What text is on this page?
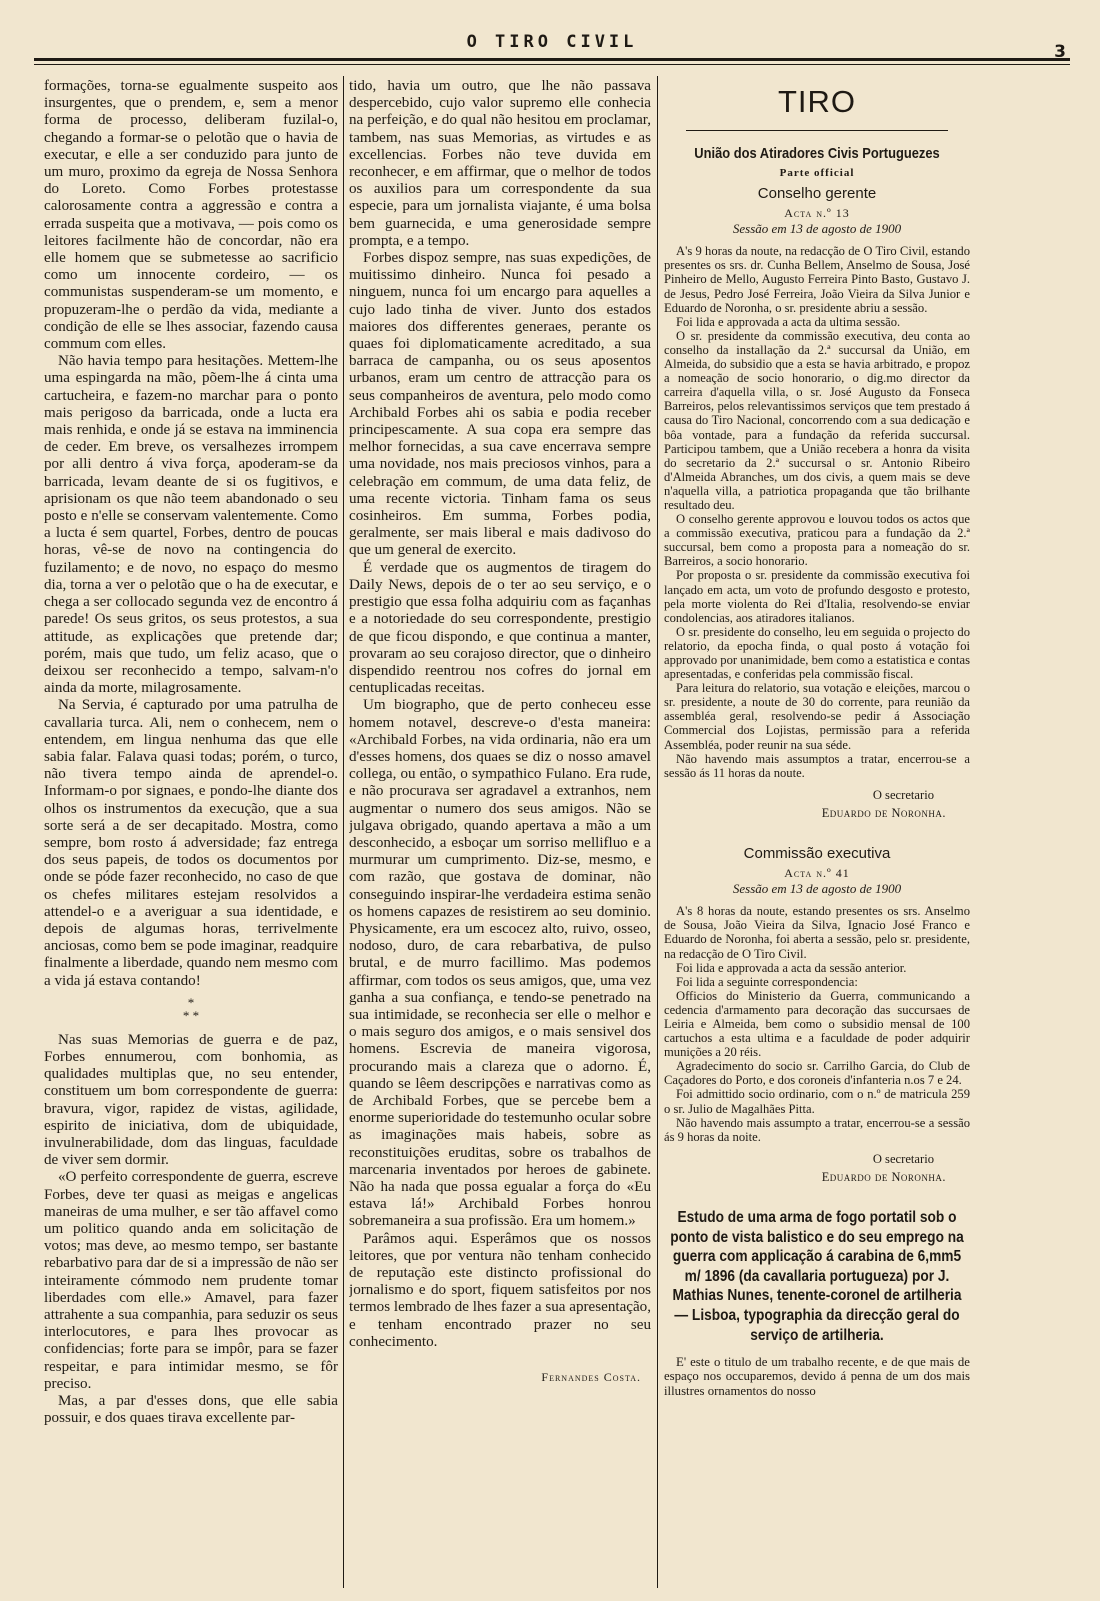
O TIRO CIVIL	3

formações, torna-se egualmente suspeito aos insurgentes, que o prendem, e, sem a menor forma de processo, deliberam fuzilal-o, chegando a formar-se o pelotão que o havia de executar, e elle a ser conduzido para junto de um muro, proximo da egreja de Nossa Senhora do Loreto. Como Forbes protestasse calorosamente contra a aggressão e contra a errada suspeita que a motivava, — pois como os leitores facilmente hão de concordar, não era elle homem que se submetesse ao sacrificio como um innocente cordeiro, — os communistas suspenderam-se um momento, e propuzeram-lhe o perdão da vida, mediante a condição de elle se lhes associar, fazendo causa commum com elles.

Não havia tempo para hesitações. Mettem-lhe uma espingarda na mão, põem-lhe á cinta uma cartucheira, e fazem-no marchar para o ponto mais perigoso da barricada, onde a lucta era mais renhida, e onde já se estava na imminencia de ceder. Em breve, os versalhezes irrompem por alli dentro á viva força, apoderam-se da barricada, levam deante de si os fugitivos, e aprisionam os que não teem abandonado o seu posto e n'elle se conservam valentemente. Como a lucta é sem quartel, Forbes, dentro de poucas horas, vê-se de novo na contingencia do fuzilamento; e de novo, no espaço do mesmo dia, torna a ver o pelotão que o ha de executar, e chega a ser collocado segunda vez de encontro á parede! Os seus gritos, os seus protestos, a sua attitude, as explicações que pretende dar; porém, mais que tudo, um feliz acaso, que o deixou ser reconhecido a tempo, salvam-n'o ainda da morte, milagrosamente.

Na Servia, é capturado por uma patrulha de cavallaria turca. Ali, nem o conhecem, nem o entendem, em lingua nenhuma das que elle sabia falar. Falava quasi todas; porém, o turco, não tivera tempo ainda de aprendel-o. Informam-o por signaes, e pondo-lhe diante dos olhos os instrumentos da execução, que a sua sorte será a de ser decapitado. Mostra, como sempre, bom rosto á adversidade; faz entrega dos seus papeis, de todos os documentos por onde se póde fazer reconhecido, no caso de que os chefes militares estejam resolvidos a attendel-o e a averiguar a sua identidade, e depois de algumas horas, terrivelmente anciosas, como bem se pode imaginar, readquire finalmente a liberdade, quando nem mesmo com a vida já estava contando!

*
* *

Nas suas Memorias de guerra e de paz, Forbes ennumerou, com bonhomia, as qualidades multiplas que, no seu entender, constituem um bom correspondente de guerra: bravura, vigor, rapidez de vistas, agilidade, espirito de iniciativa, dom de ubiquidade, invulnerabilidade, dom das linguas, faculdade de viver sem dormir.

«O perfeito correspondente de guerra, escreve Forbes, deve ter quasi as meigas e angelicas maneiras de uma mulher, e ser tão affavel como um politico quando anda em solicitação de votos; mas deve, ao mesmo tempo, ser bastante rebarbativo para dar de si a impressão de não ser inteiramente cómmodo nem prudente tomar liberdades com elle.» Amavel, para fazer attrahente a sua companhia, para seduzir os seus interlocutores, e para lhes provocar as confidencias; forte para se impôr, para se fazer respeitar, e para intimidar mesmo, se fôr preciso.

Mas, a par d'esses dons, que elle sabia possuir, e dos quaes tirava excellente par-

tido, havia um outro, que lhe não passava despercebido, cujo valor supremo elle conhecia na perfeição, e do qual não hesitou em proclamar, tambem, nas suas Memorias, as virtudes e as excellencias. Forbes não teve duvida em reconhecer, e em affirmar, que o melhor de todos os auxilios para um correspondente da sua especie, para um jornalista viajante, é uma bolsa bem guarnecida, e uma generosidade sempre prompta, e a tempo.

Forbes dispoz sempre, nas suas expedições, de muitissimo dinheiro. Nunca foi pesado a ninguem, nunca foi um encargo para aquelles a cujo lado tinha de viver. Junto dos estados maiores dos differentes generaes, perante os quaes foi diplomaticamente acreditado, a sua barraca de campanha, ou os seus aposentos urbanos, eram um centro de attracção para os seus companheiros de aventura, pelo modo como Archibald Forbes ahi os sabia e podia receber principescamente. A sua copa era sempre das melhor fornecidas, a sua cave encerrava sempre uma novidade, nos mais preciosos vinhos, para a celebração em commum, de uma data feliz, de uma recente victoria. Tinham fama os seus cosinheiros. Em summa, Forbes podia, geralmente, ser mais liberal e mais dadivoso do que um general de exercito.

É verdade que os augmentos de tiragem do Daily News, depois de o ter ao seu serviço, e o prestigio que essa folha adquiriu com as façanhas e a notoriedade do seu correspondente, prestigio de que ficou dispondo, e que continua a manter, provaram ao seu corajoso director, que o dinheiro dispendido reentrou nos cofres do jornal em centuplicadas receitas.

Um biographo, que de perto conheceu esse homem notavel, descreve-o d'esta maneira: «Archibald Forbes, na vida ordinaria, não era um d'esses homens, dos quaes se diz o nosso amavel collega, ou então, o sympathico Fulano. Era rude, e não procurava ser agradavel a extranhos, nem augmentar o numero dos seus amigos. Não se julgava obrigado, quando apertava a mão a um desconhecido, a esboçar um sorriso mellifluo e a murmurar um cumprimento. Diz-se, mesmo, e com razão, que gostava de dominar, não conseguindo inspirar-lhe verdadeira estima senão os homens capazes de resistirem ao seu dominio. Physicamente, era um escocez alto, ruivo, osseo, nodoso, duro, de cara rebarbativa, de pulso brutal, e de murro facillimo. Mas podemos affirmar, com todos os seus amigos, que, uma vez ganha a sua confiança, e tendo-se penetrado na sua intimidade, se reconhecia ser elle o melhor e o mais seguro dos amigos, e o mais sensivel dos homens. Escrevia de maneira vigorosa, procurando mais a clareza que o adorno. É, quando se lêem descripções e narrativas como as de Archibald Forbes, que se percebe bem a enorme superioridade do testemunho ocular sobre as imaginações mais habeis, sobre as reconstituições eruditas, sobre os trabalhos de marcenaria inventados por heroes de gabinete. Não ha nada que possa egualar a força do «Eu estava lá!» Archibald Forbes honrou sobremaneira a sua profissão. Era um homem.»

Parâmos aqui. Esperâmos que os nossos leitores, que por ventura não tenham conhecido de reputação este distincto profissional do jornalismo e do sport, fiquem satisfeitos por nos termos lembrado de lhes fazer a sua apresentação, e tenham encontrado prazer no seu conhecimento.

Fernandes Costa.
TIRO
União dos Atiradores Civis Portuguezes
Parte official
Conselho gerente
Acta n.º 13
Sessão em 13 de agosto de 1900

A's 9 horas da noute, na redacção de O Tiro Civil, estando presentes os srs. dr. Cunha Bellem, Anselmo de Sousa, José Pinheiro de Mello, Augusto Ferreira Pinto Basto, Gustavo J. de Jesus, Pedro José Ferreira, João Vieira da Silva Junior e Eduardo de Noronha, o sr. presidente abriu a sessão.

Foi lida e approvada a acta da ultima sessão.

O sr. presidente da commissão executiva, deu conta ao conselho da installação da 2.ª succursal da União, em Almeida, do subsidio que a esta se havia arbitrado, e propoz a nomeação de socio honorario, o dig.mo director da carreira d'aquella villa, o sr. José Augusto da Fonseca Barreiros, pelos relevantissimos serviços que tem prestado á causa do Tiro Nacional, concorrendo com a sua dedicação e bôa vontade, para a fundação da referida succursal. Participou tambem, que a União recebera a honra da visita do secretario da 2.ª succursal o sr. Antonio Ribeiro d'Almeida Abranches, um dos civis, a quem mais se deve n'aquella villa, a patriotica propaganda que tão brilhante resultado deu.

O conselho gerente approvou e louvou todos os actos que a commissão executiva, praticou para a fundação da 2.ª succursal, bem como a proposta para a nomeação do sr. Barreiros, a socio honorario.

Por proposta o sr. presidente da commissão executiva foi lançado em acta, um voto de profundo desgosto e protesto, pela morte violenta do Rei d'Italia, resolvendo-se enviar condolencias, aos atiradores italianos.

O sr. presidente do conselho, leu em seguida o projecto do relatorio, da epocha finda, o qual posto á votação foi approvado por unanimidade, bem como a estatistica e contas apresentadas, e conferidas pela commissão fiscal.

Para leitura do relatorio, sua votação e eleições, marcou o sr. presidente, a noute de 30 do corrente, para reunião da assembléa geral, resolvendo-se pedir á Associação Commercial dos Lojistas, permissão para a referida Assembléa, poder reunir na sua séde.

Não havendo mais assumptos a tratar, encerrou-se a sessão ás 11 horas da noute.

O secretario
Eduardo de Noronha.
Commissão executiva
Acta n.º 41
Sessão em 13 de agosto de 1900

A's 8 horas da noute, estando presentes os srs. Anselmo de Sousa, João Vieira da Silva, Ignacio José Franco e Eduardo de Noronha, foi aberta a sessão, pelo sr. presidente, na redacção de O Tiro Civil.

Foi lida e approvada a acta da sessão anterior.

Foi lida a seguinte correspondencia:

Officios do Ministerio da Guerra, communicando a cedencia d'armamento para decoração das succursaes de Leiria e Almeida, bem como o subsidio mensal de 100 cartuchos a esta ultima e a faculdade de poder adquirir munições a 20 réis.

Agradecimento do socio sr. Carrilho Garcia, do Club de Caçadores do Porto, e dos coroneis d'infanteria n.os 7 e 24.

Foi admittido socio ordinario, com o n.º de matricula 259 o sr. Julio de Magalhães Pitta.

Não havendo mais assumpto a tratar, encerrou-se a sessão ás 9 horas da noite.

O secretario
Eduardo de Noronha.
Estudo de uma arma de fogo portatil sob o ponto de vista balistico e do seu emprego na guerra com applicação á carabina de 6,mm5 m/ 1896 (da cavallaria portugueza) por J. Mathias Nunes, tenente-coronel de artilheria — Lisboa, typographia da direcção geral do serviço de artilheria.

E' este o titulo de um trabalho recente, e de que mais de espaço nos occuparemos, devido á penna de um dos mais illustres ornamentos do nosso
